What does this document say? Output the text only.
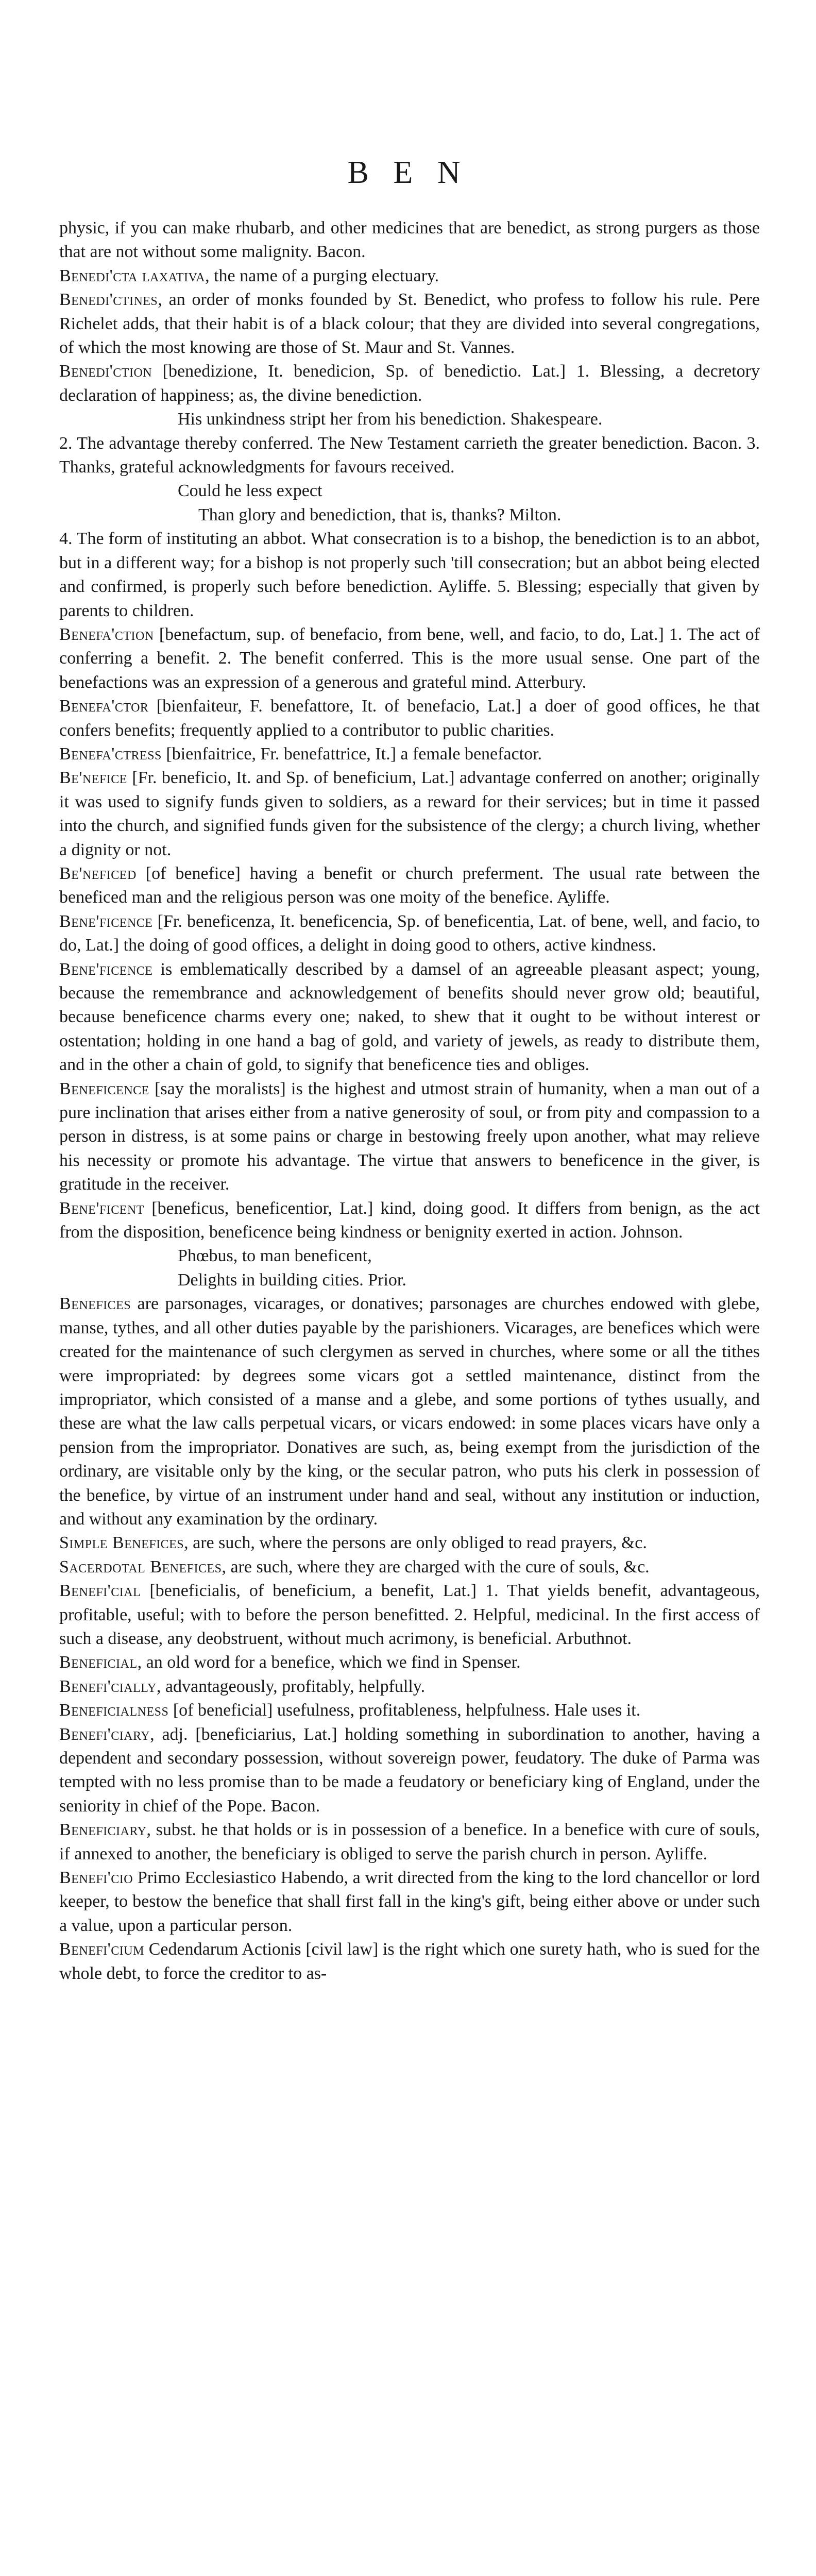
B E N

physic, if you can make rhubarb, and other medicines that are benedict, as strong purgers as those that are not without some malignity. Bacon.

Benedi'cta laxativa, the name of a purging electuary.

Benedi'ctines, an order of monks founded by St. Benedict, who profess to follow his rule. Pere Richelet adds, that their habit is of a black colour; that they are divided into several congregations, of which the most knowing are those of St. Maur and St. Vannes.

Benedi'ction [benedizione, It. benedicion, Sp. of benedictio. Lat.] 1. Blessing, a decretory declaration of happiness; as, the divine benediction.

His unkindness stript her from his benediction. Shakespeare.

2. The advantage thereby conferred. The New Testament carrieth the greater benediction. Bacon. 3. Thanks, grateful acknowledgments for favours received.

Could he less expect

Than glory and benediction, that is, thanks? Milton.

4. The form of instituting an abbot. What consecration is to a bishop, the benediction is to an abbot, but in a different way; for a bishop is not properly such 'till consecration; but an abbot being elected and confirmed, is properly such before benediction. Ayliffe. 5. Blessing; especially that given by parents to children.

Benefa'ction [benefactum, sup. of benefacio, from bene, well, and facio, to do, Lat.] 1. The act of conferring a benefit. 2. The benefit conferred. This is the more usual sense. One part of the benefactions was an expression of a generous and grateful mind. Atterbury.

Benefa'ctor [bienfaiteur, F. benefattore, It. of benefacio, Lat.] a doer of good offices, he that confers benefits; frequently applied to a contributor to public charities.

Benefa'ctress [bienfaitrice, Fr. benefattrice, It.] a female benefactor.

Be'nefice [Fr. beneficio, It. and Sp. of beneficium, Lat.] advantage conferred on another; originally it was used to signify funds given to soldiers, as a reward for their services; but in time it passed into the church, and signified funds given for the subsistence of the clergy; a church living, whether a dignity or not.

Be'neficed [of benefice] having a benefit or church preferment. The usual rate between the beneficed man and the religious person was one moity of the benefice. Ayliffe.

Bene'ficence [Fr. beneficenza, It. beneficencia, Sp. of beneficentia, Lat. of bene, well, and facio, to do, Lat.] the doing of good offices, a delight in doing good to others, active kindness.

Bene'ficence is emblematically described by a damsel of an agreeable pleasant aspect; young, because the remembrance and acknowledgement of benefits should never grow old; beautiful, because beneficence charms every one; naked, to shew that it ought to be without interest or ostentation; holding in one hand a bag of gold, and variety of jewels, as ready to distribute them, and in the other a chain of gold, to signify that beneficence ties and obliges.

Beneficence [say the moralists] is the highest and utmost strain of humanity, when a man out of a pure inclination that arises either from a native generosity of soul, or from pity and compassion to a person in distress, is at some pains or charge in bestowing freely upon another, what may relieve his necessity or promote his advantage. The virtue that answers to beneficence in the giver, is gratitude in the receiver.

Bene'ficent [beneficus, beneficentior, Lat.] kind, doing good. It differs from benign, as the act from the disposition, beneficence being kindness or benignity exerted in action. Johnson.

Phœbus, to man beneficent,

Delights in building cities. Prior.

Benefices are parsonages, vicarages, or donatives; parsonages are churches endowed with glebe, manse, tythes, and all other duties payable by the parishioners. Vicarages, are benefices which were created for the maintenance of such clergymen as served in churches, where some or all the tithes were impropriated: by degrees some vicars got a settled maintenance, distinct from the impropriator, which consisted of a manse and a glebe, and some portions of tythes usually, and these are what the law calls perpetual vicars, or vicars endowed: in some places vicars have only a pension from the impropriator. Donatives are such, as, being exempt from the jurisdiction of the ordinary, are visitable only by the king, or the secular patron, who puts his clerk in possession of the benefice, by virtue of an instrument under hand and seal, without any institution or induction, and without any examination by the ordinary.

Simple Benefices, are such, where the persons are only obliged to read prayers, &c.

Sacerdotal Benefices, are such, where they are charged with the cure of souls, &c.

Benefi'cial [beneficialis, of beneficium, a benefit, Lat.] 1. That yields benefit, advantageous, profitable, useful; with to before the person benefitted. 2. Helpful, medicinal. In the first access of such a disease, any deobstruent, without much acrimony, is beneficial. Arbuthnot.

Beneficial, an old word for a benefice, which we find in Spenser.

Benefi'cially, advantageously, profitably, helpfully.

Beneficialness [of beneficial] usefulness, profitableness, helpfulness. Hale uses it.

Benefi'ciary, adj. [beneficiarius, Lat.] holding something in subordination to another, having a dependent and secondary possession, without sovereign power, feudatory. The duke of Parma was tempted with no less promise than to be made a feudatory or beneficiary king of England, under the seniority in chief of the Pope. Bacon.

Beneficiary, subst. he that holds or is in possession of a benefice. In a benefice with cure of souls, if annexed to another, the beneficiary is obliged to serve the parish church in person. Ayliffe.

Benefi'cio Primo Ecclesiastico Habendo, a writ directed from the king to the lord chancellor or lord keeper, to bestow the benefice that shall first fall in the king's gift, being either above or under such a value, upon a particular person.

Benefi'cium Cedendarum Actionis [civil law] is the right which one surety hath, who is sued for the whole debt, to force the creditor to as-
